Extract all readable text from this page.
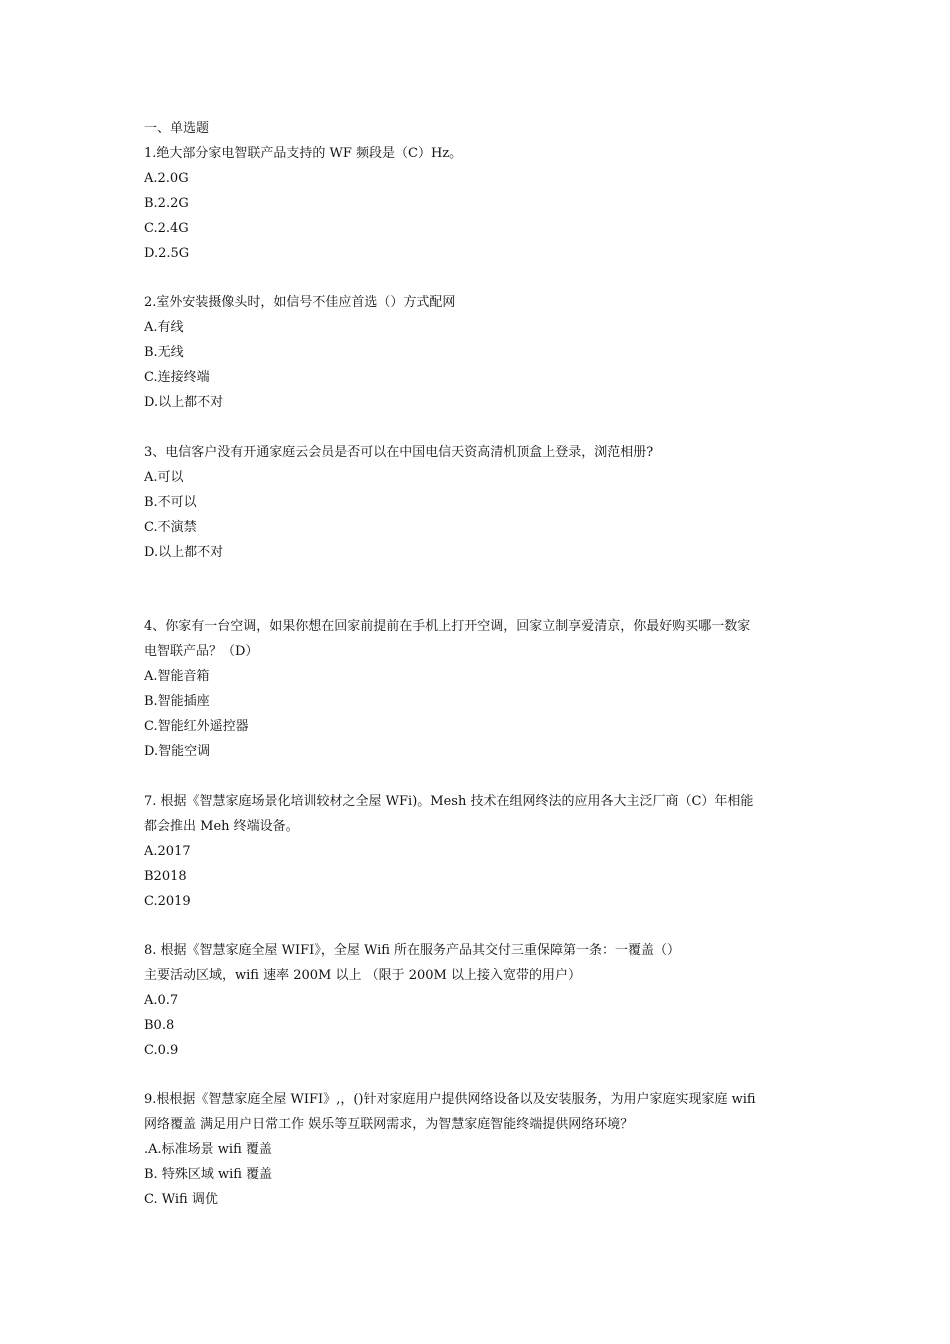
一、单选题
1.绝大部分家电智联产品支持的 WF 频段是（C）Hz。
A.2.0G
B.2.2G
C.2.4G
D.2.5G
2.室外安装摄像头时，如信号不佳应首选（）方式配网
A.有线
B.无线
C.连接终端
D.以上都不对
3、电信客户没有开通家庭云会员是否可以在中国电信天资高清机顶盒上登录，浏范相册?
A.可以
B.不可以
C.不演禁
D.以上都不对
4、你家有一台空调，如果你想在回家前提前在手机上打开空调，回家立制享爱清京，你最好购买哪一数家
电智联产品？（D）
A.智能音箱
B.智能插座
C.智能红外遥控器
D.智能空调
7. 根据《智慧家庭场景化培训较材之全屋 WFi)。Mesh 技术在组网终法的应用各大主泛厂商（C）年相能
都会推出 Meh 终端设备。
A.2017
B2018
C.2019
8. 根据《智慧家庭全屋 WIFI》，全屋 Wifi 所在服务产品其交付三重保障第一条：一覆盖（）
主要活动区域，wifi 速率 200M 以上 （限于 200M 以上接入宽带的用户）
A.0.7
B0.8
C.0.9
9.根根据《智慧家庭全屋 WIFI》,，()针对家庭用户提供网络设备以及安装服务，为用户家庭实现家庭 wifi
网络覆盖 满足用户日常工作 娱乐等互联网需求，为智慧家庭智能终端提供网络环境？
.A.标准场景 wifi 覆盖
B. 特殊区域 wifi 覆盖
C. Wifi 调优
